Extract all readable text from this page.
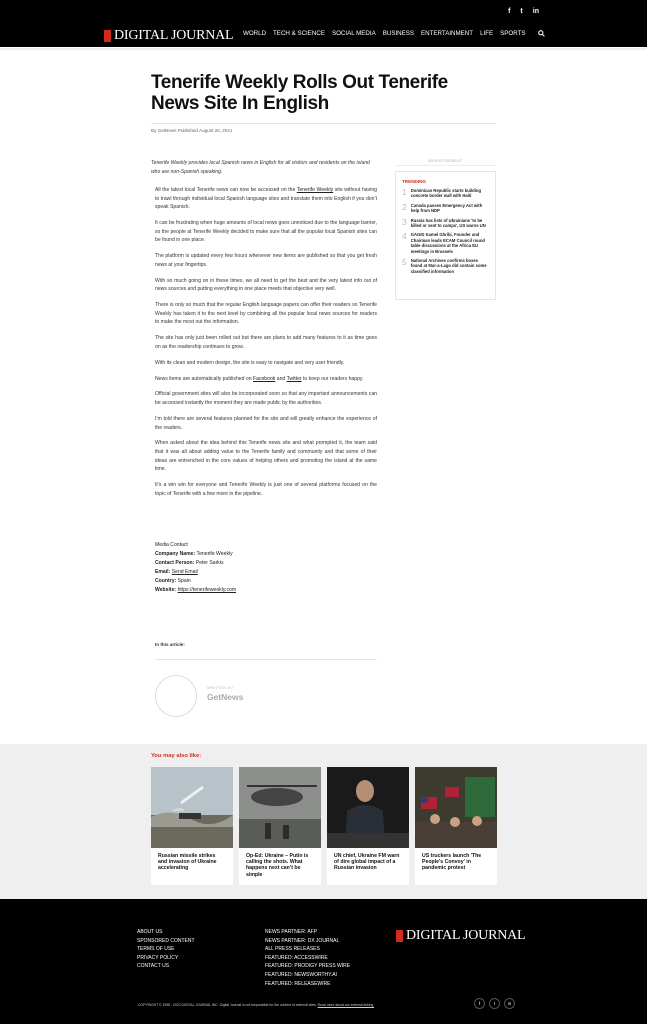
f t in
DIGITAL JOURNAL WORLD TECH & SCIENCE SOCIAL MEDIA BUSINESS ENTERTAINMENT LIFE SPORTS
Tenerife Weekly Rolls Out Tenerife News Site In English
By GetNews Published August 20, 2021
Tenerife Weekly provides local Spanish news in English for all visitors and residents on the island who are non-Spanish speaking.

All the latest local Tenerife news can now be accessed on the Tenerife Weekly site without having to trawl through individual local Spanish language sites and translate them into English if you don’t speak Spanish.

It can be frustrating when huge amounts of local news goes unnoticed due to the language barrier, so the people at Tenerife Weekly decided to make sure that all the popular local Spanish sites can be found in one place.

The platform is updated every few hours whenever new items are published so that you get fresh news at your fingertips.

With so much going on in these times, we all need to get the best and the very latest info out of news sources and putting everything in one place meets that objective very well.

There is only so much that the regular English language papers can offer their readers so Tenerife Weekly has taken it to the next level by combining all the popular local news sources for readers to make the most out the information.

The site has only just been rolled out but there are plans to add many features to it as time goes on as the readership continues to grow.

With its clean and modern design, the site is easy to navigate and very user friendly.

News items are automatically published on Facebook and Twitter to keep our readers happy.

Official government sites will also be incorporated soon so that any important announcements can be accessed instantly the moment they are made public by the authorities.

I’m told there are several features planned for the site and will greatly enhance the experience of the readers.

When asked about the idea behind this Tenerife news site and what prompted it, the team said that it was all about adding value to the Tenerife family and community and that some of their ideas are entrenched in the core values of helping others and promoting the island at the same time.

It’s a win win for everyone and Tenerife Weekly is just one of several platforms focused on the topic of Tenerife with a few more in the pipeline.

Media Contact
Company Name: Tenerife Weekly
Contact Person: Peter Sarkis
Email: Send Email
Country: Spain
Website: https://tenerifeweekly.com
In this article:
WRITTEN BY
GetNews
ADVERTISEMENT
TRENDING
1 Dominican Republic starts building concrete border wall with Haiti
2 Canada passes Emergency Act with help from NDP
3 Russia has lists of Ukrainians 'to be killed or sent to camps', US warns UN
4 GAGID Kamel Ghribi, Founder and Chairman leads ECAM Council round table discussions at the Africa EU meetings in Brussels
5 National Archives confirms boxes found at Mar-a-Lago did contain some classified information
You may also like:
Russian missile strikes and invasion of Ukraine accelerating
Op-Ed: Ukraine – Putin is calling the shots. What happens next can’t be simple
UN chief, Ukraine FM warn of dire global impact of a Russian invasion
US truckers launch 'The People's Convoy' in pandemic protest
ABOUT US
SPONSORED CONTENT
TERMS OF USE
PRIVACY POLICY
CONTACT US
NEWS PARTNER: AFP
NEWS PARTNER: DX JOURNAL
ALL PRESS RELEASES
FEATURED: ACCESSWIRE
FEATURED: PRODIGY PRESS WIRE
FEATURED: NEWSWORTHY.AI
FEATURED: RELEASEWIRE
DIGITAL JOURNAL
COPYRIGHT © 1998 - 2022 DIGITAL JOURNAL INC. Digital Journal is not responsible for the content of external sites. Read more about our external linking.	f	t	in
